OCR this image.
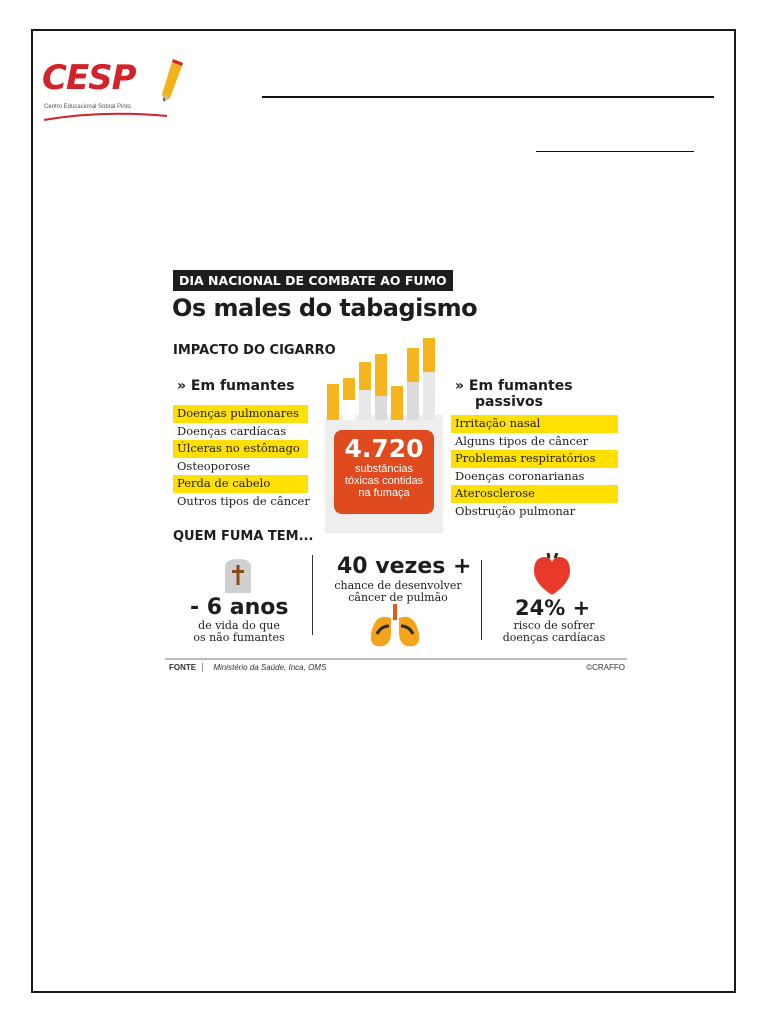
CESP
Centro Educacional Sobral Pinto
DIA NACIONAL DE COMBATE AO FUMO
Os males do tabagismo
IMPACTO DO CIGARRO
» Em fumantes
Doenças pulmonares
Doenças cardíacas
Úlceras no estômago
Osteoporose
Perda de cabelo
Outros tipos de câncer
4.720
substâncias
tóxicas contidas
na fumaça
» Em fumantes
passivos
Irritação nasal
Alguns tipos de câncer
Problemas respiratórios
Doenças coronarianas
Aterosclerose
Obstrução pulmonar
QUEM FUMA TEM...
- 6 anos
de vida do que
os não fumantes
40 vezes +
chance de desenvolver
câncer de pulmão	24% +
risco de sofrer
doenças cardíacas
FONTE Ministério da Saúde, Inca, OMS	©CRAFFO
